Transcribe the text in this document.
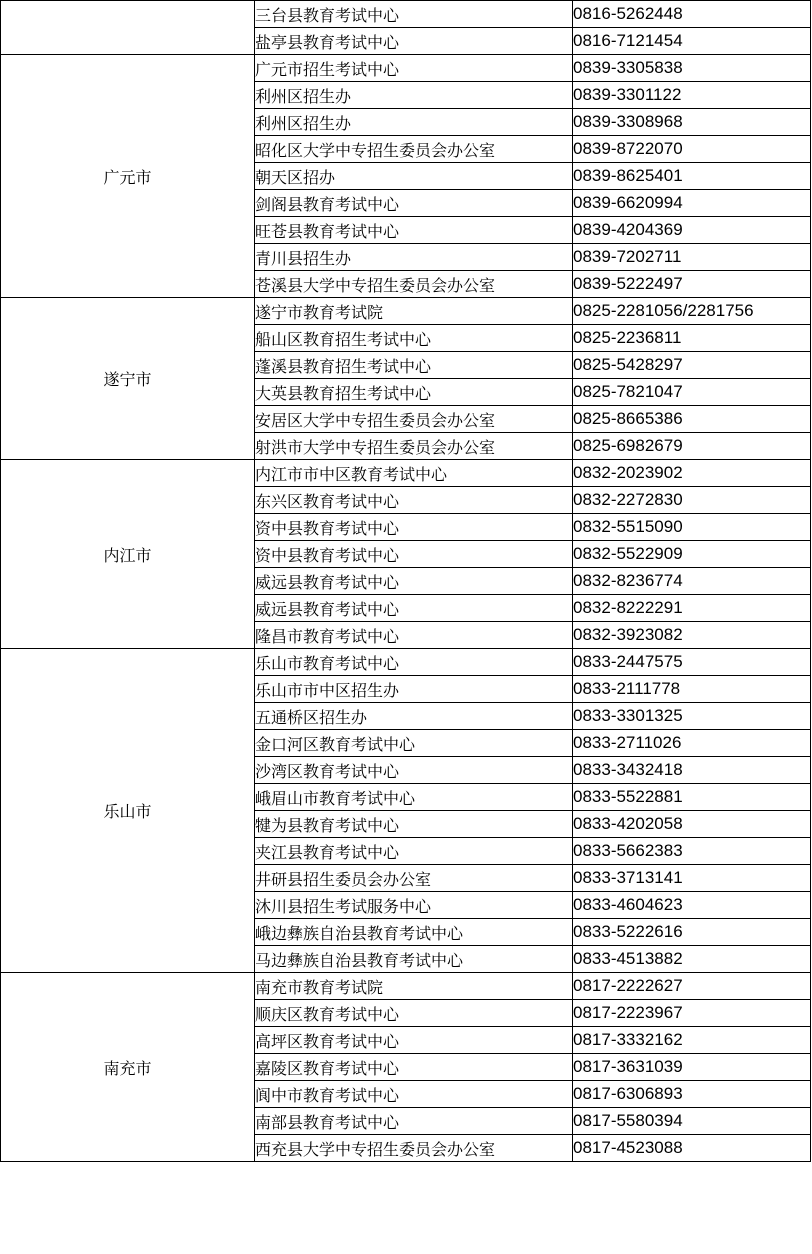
	三台县教育考试中心	0816-5262448
	盐亭县教育考试中心	0816-7121454
广元市	广元市招生考试中心	0839-3305838
	利州区招生办	0839-3301122
	利州区招生办	0839-3308968
	昭化区大学中专招生委员会办公室	0839-8722070
	朝天区招办	0839-8625401
	剑阁县教育考试中心	0839-6620994
	旺苍县教育考试中心	0839-4204369
	青川县招生办	0839-7202711
	苍溪县大学中专招生委员会办公室	0839-5222497
遂宁市	遂宁市教育考试院	0825-2281056/2281756
	船山区教育招生考试中心	0825-2236811
	蓬溪县教育招生考试中心	0825-5428297
	大英县教育招生考试中心	0825-7821047
	安居区大学中专招生委员会办公室	0825-8665386
	射洪市大学中专招生委员会办公室	0825-6982679
内江市	内江市市中区教育考试中心	0832-2023902
	东兴区教育考试中心	0832-2272830
	资中县教育考试中心	0832-5515090
	资中县教育考试中心	0832-5522909
	威远县教育考试中心	0832-8236774
	威远县教育考试中心	0832-8222291
	隆昌市教育考试中心	0832-3923082
乐山市	乐山市教育考试中心	0833-2447575
	乐山市市中区招生办	0833-2111778
	五通桥区招生办	0833-3301325
	金口河区教育考试中心	0833-2711026
	沙湾区教育考试中心	0833-3432418
	峨眉山市教育考试中心	0833-5522881
	犍为县教育考试中心	0833-4202058
	夹江县教育考试中心	0833-5662383
	井研县招生委员会办公室	0833-3713141
	沐川县招生考试服务中心	0833-4604623
	峨边彝族自治县教育考试中心	0833-5222616
	马边彝族自治县教育考试中心	0833-4513882
南充市	南充市教育考试院	0817-2222627
	顺庆区教育考试中心	0817-2223967
	高坪区教育考试中心	0817-3332162
	嘉陵区教育考试中心	0817-3631039
	阆中市教育考试中心	0817-6306893
	南部县教育考试中心	0817-5580394
	西充县大学中专招生委员会办公室	0817-4523088
